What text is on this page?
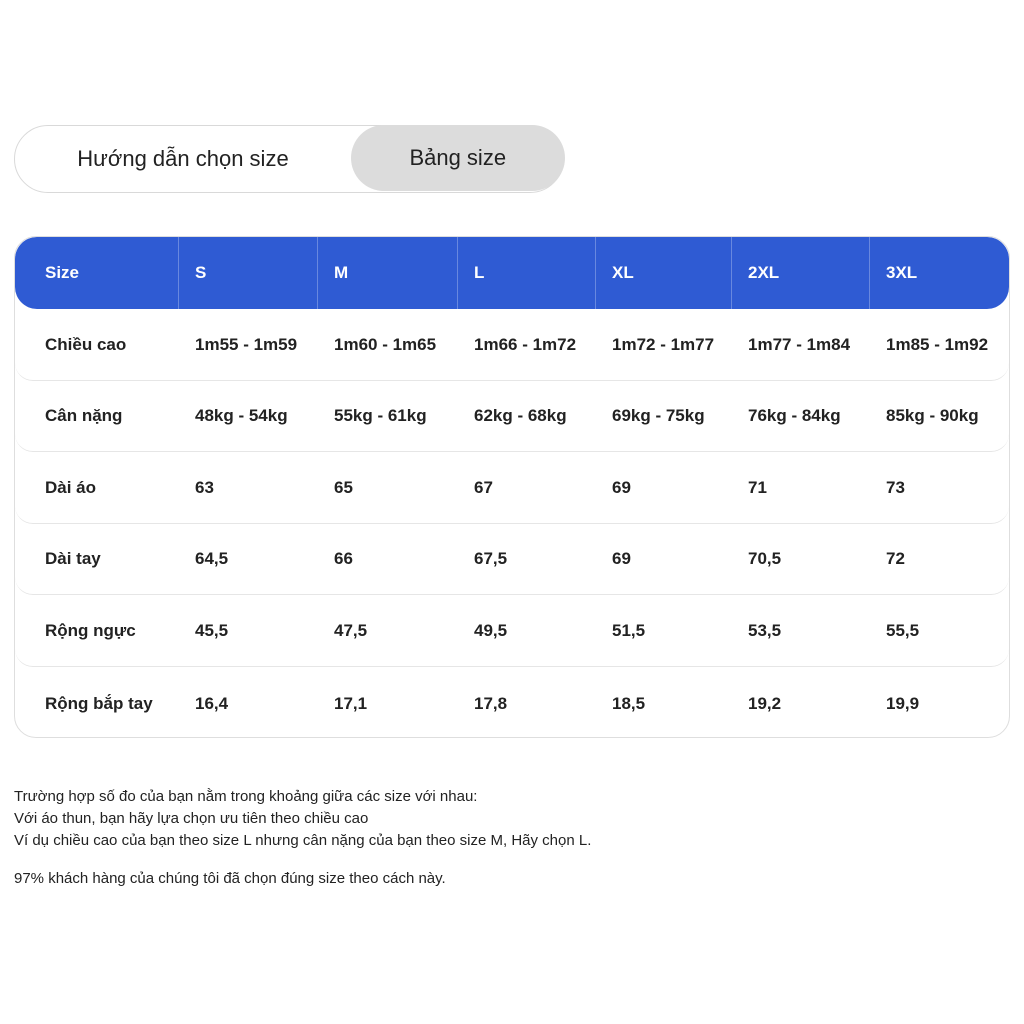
Hướng dẫn chọn size	Bảng size
Size	S	M	L	XL	2XL	3XL
Chiều cao	1m55 - 1m59	1m60 - 1m65	1m66 - 1m72	1m72 - 1m77	1m77 - 1m84	1m85 - 1m92
Cân nặng	48kg - 54kg	55kg - 61kg	62kg - 68kg	69kg - 75kg	76kg - 84kg	85kg - 90kg
Dài áo	63	65	67	69	71	73
Dài tay	64,5	66	67,5	69	70,5	72
Rộng ngực	45,5	47,5	49,5	51,5	53,5	55,5
Rộng bắp tay	16,4	17,1	17,8	18,5	19,2	19,9

Trường hợp số đo của bạn nằm trong khoảng giữa các size với nhau:

Với áo thun, bạn hãy lựa chọn ưu tiên theo chiều cao

Ví dụ chiều cao của bạn theo size L nhưng cân nặng của bạn theo size M, Hãy chọn L.

97% khách hàng của chúng tôi đã chọn đúng size theo cách này.
